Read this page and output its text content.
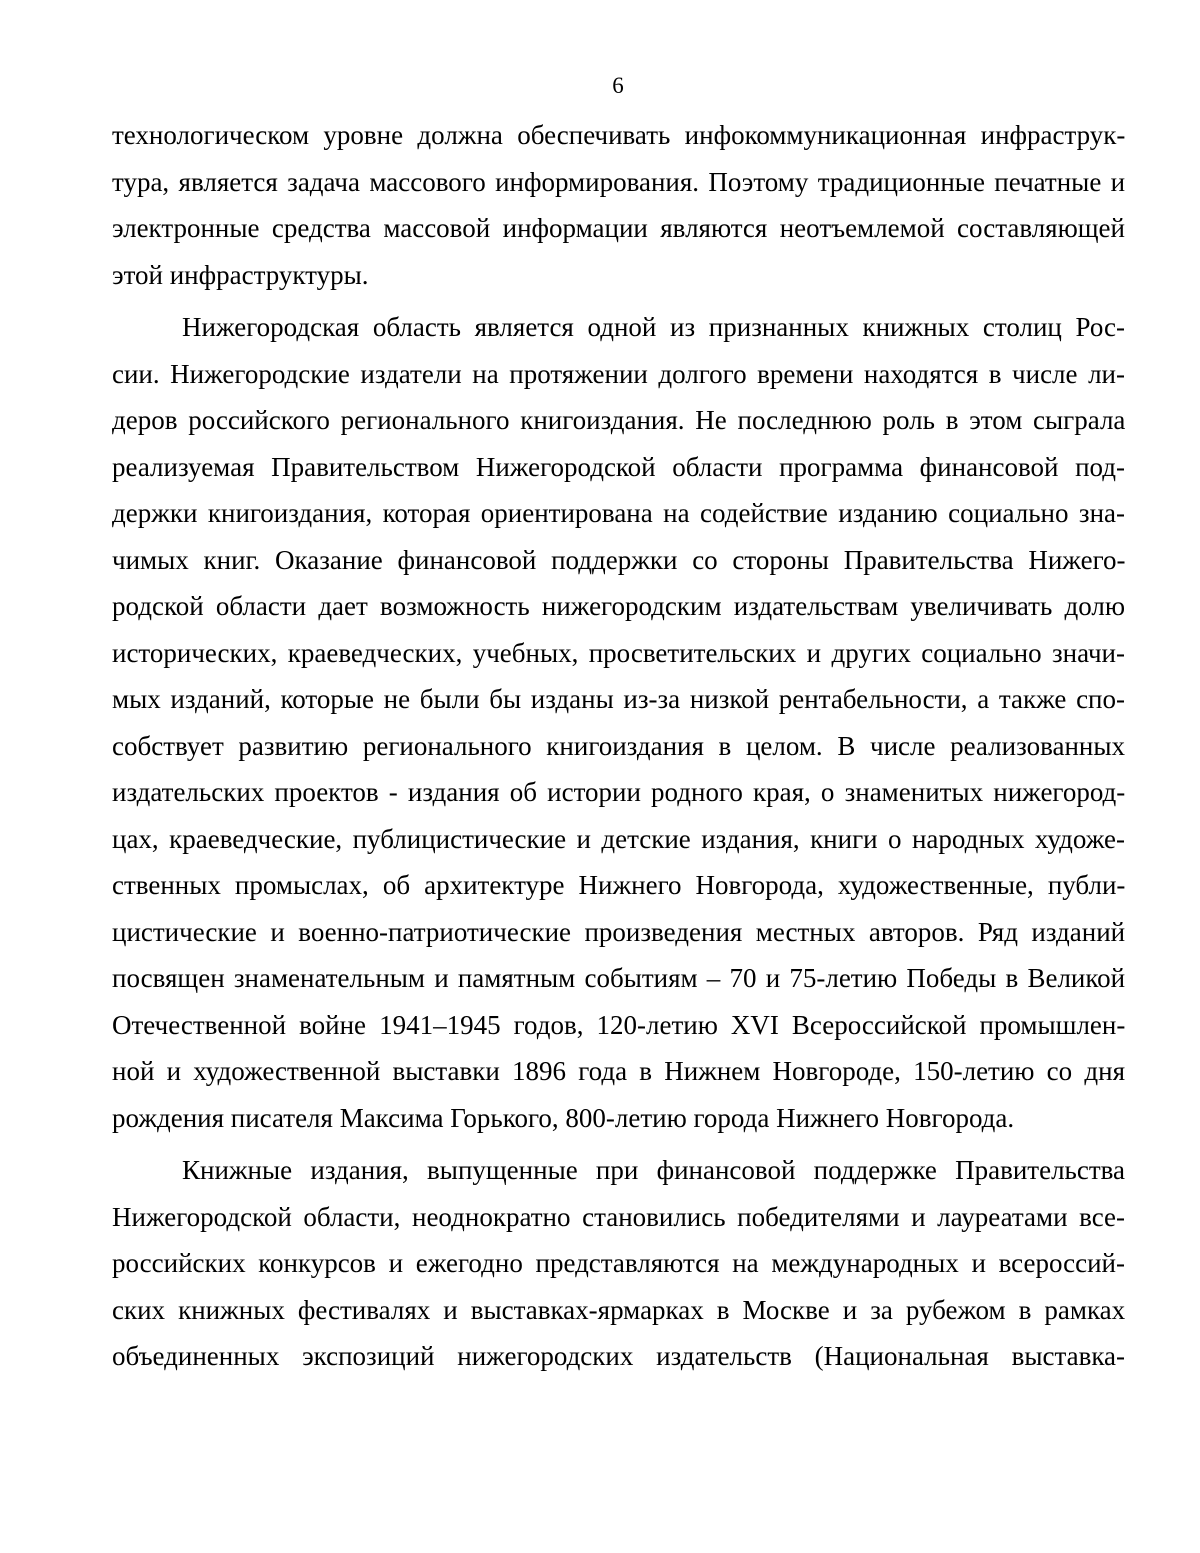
6
технологическом уровне должна обеспечивать инфокоммуникационная инфраструк-
тура, является задача массового информирования. Поэтому традиционные печатные и
электронные средства массовой информации являются неотъемлемой составляющей
этой инфраструктуры.
Нижегородская область является одной из признанных книжных столиц Рос-
сии. Нижегородские издатели на протяжении долгого времени находятся в числе ли-
деров российского регионального книгоиздания. Не последнюю роль в этом сыграла
реализуемая Правительством Нижегородской области программа финансовой под-
держки книгоиздания, которая ориентирована на содействие изданию социально зна-
чимых книг. Оказание финансовой поддержки со стороны Правительства Нижего-
родской области дает возможность нижегородским издательствам увеличивать долю
исторических, краеведческих, учебных, просветительских и других социально значи-
мых изданий, которые не были бы изданы из-за низкой рентабельности, а также спо-
собствует развитию регионального книгоиздания в целом. В числе реализованных
издательских проектов - издания об истории родного края, о знаменитых нижегород-
цах, краеведческие, публицистические и детские издания, книги о народных художе-
ственных промыслах, об архитектуре Нижнего Новгорода, художественные, публи-
цистические и военно-патриотические произведения местных авторов. Ряд изданий
посвящен знаменательным и памятным событиям – 70 и 75-летию Победы в Великой
Отечественной войне 1941–1945 годов, 120-летию XVI Всероссийской промышлен-
ной и художественной выставки 1896 года в Нижнем Новгороде, 150-летию со дня
рождения писателя Максима Горького, 800-летию города Нижнего Новгорода.
Книжные издания, выпущенные при финансовой поддержке Правительства
Нижегородской области, неоднократно становились победителями и лауреатами все-
российских конкурсов и ежегодно представляются на международных и всероссий-
ских книжных фестивалях и выставках-ярмарках в Москве и за рубежом в рамках
объединенных экспозиций нижегородских издательств (Национальная выставка-
